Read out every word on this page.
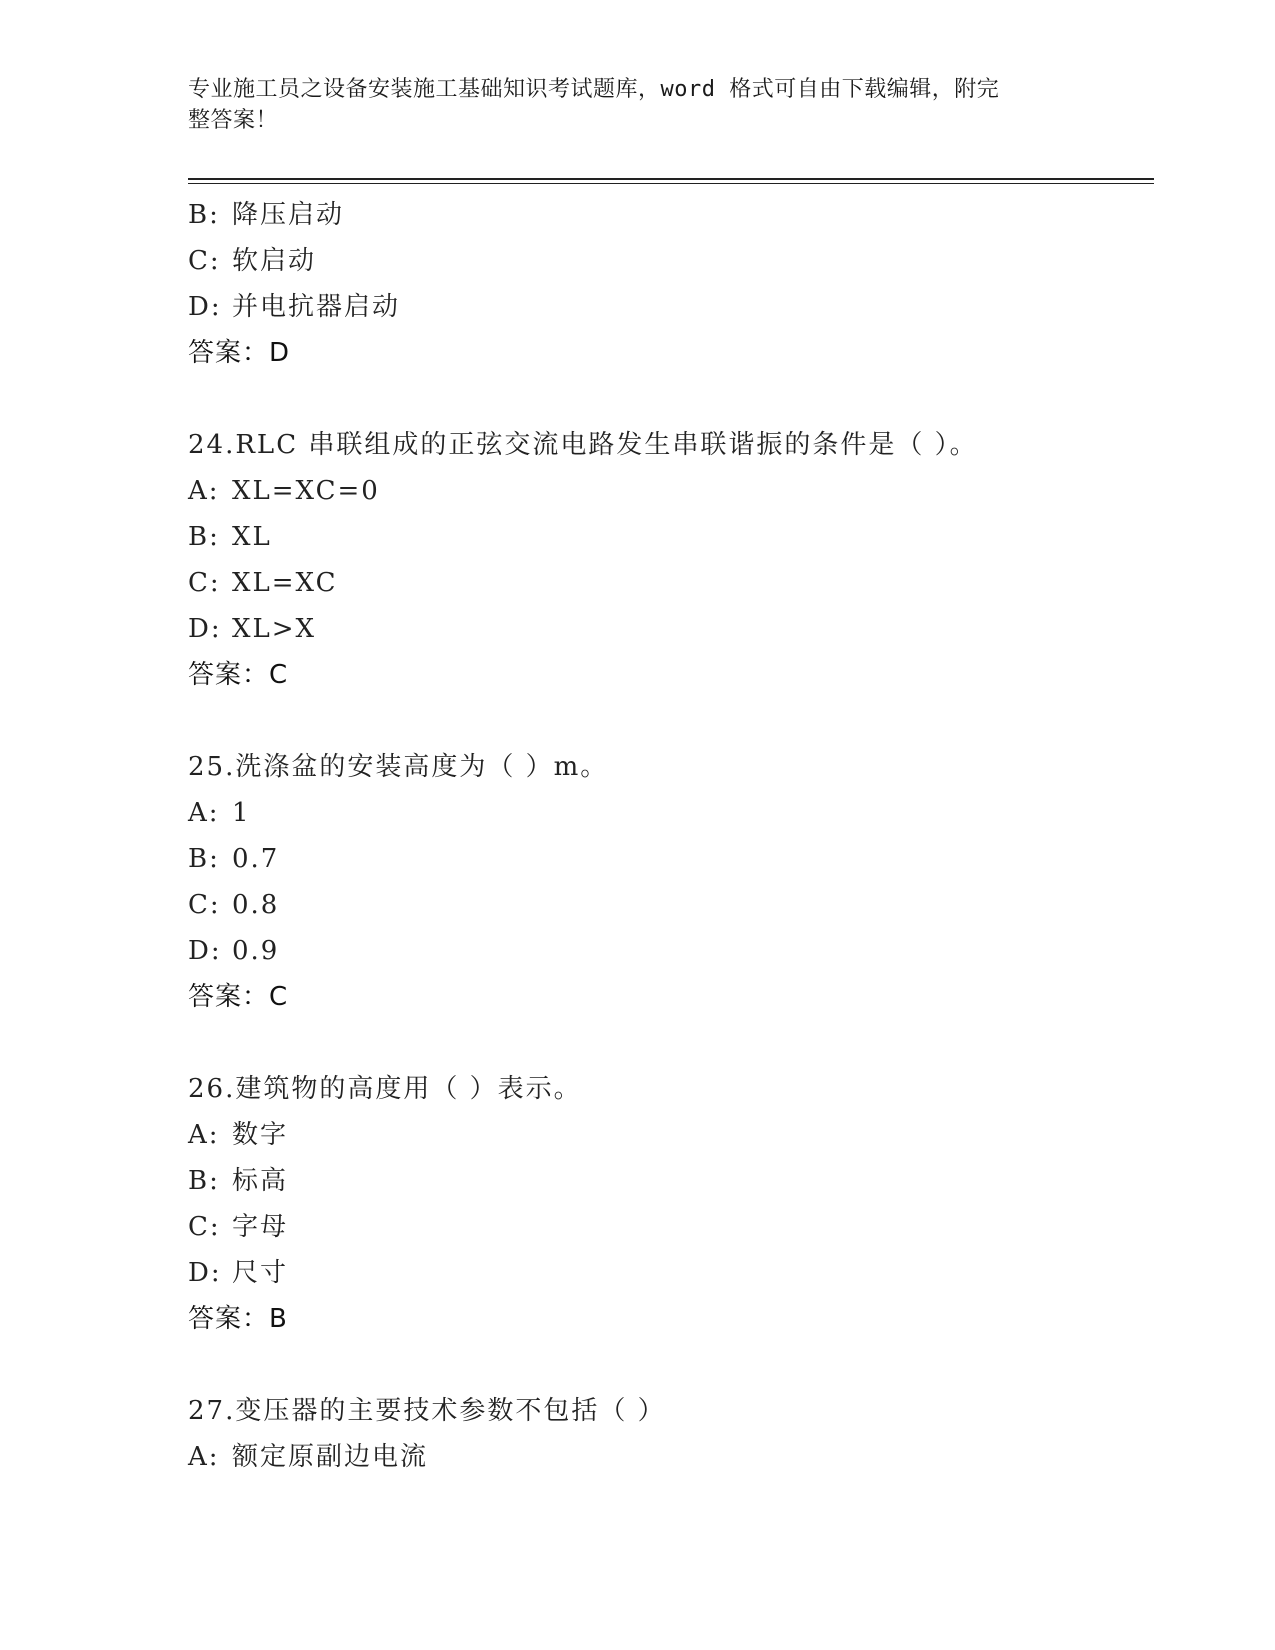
专业施工员之设备安装施工基础知识考试题库，word 格式可自由下载编辑，附完
整答案！
B: 降压启动
C: 软启动
D: 并电抗器启动
答案：D
24.RLC 串联组成的正弦交流电路发生串联谐振的条件是（ ）。
A: XL=XC=0
B: XL
C: XL=XC
D: XL>X
答案：C
25.洗涤盆的安装高度为（ ）m。
A: 1
B: 0.7
C: 0.8
D: 0.9
答案：C
26.建筑物的高度用（ ）表示。
A: 数字
B: 标高
C: 字母
D: 尺寸
答案：B
27.变压器的主要技术参数不包括（ ）
A: 额定原副边电流
